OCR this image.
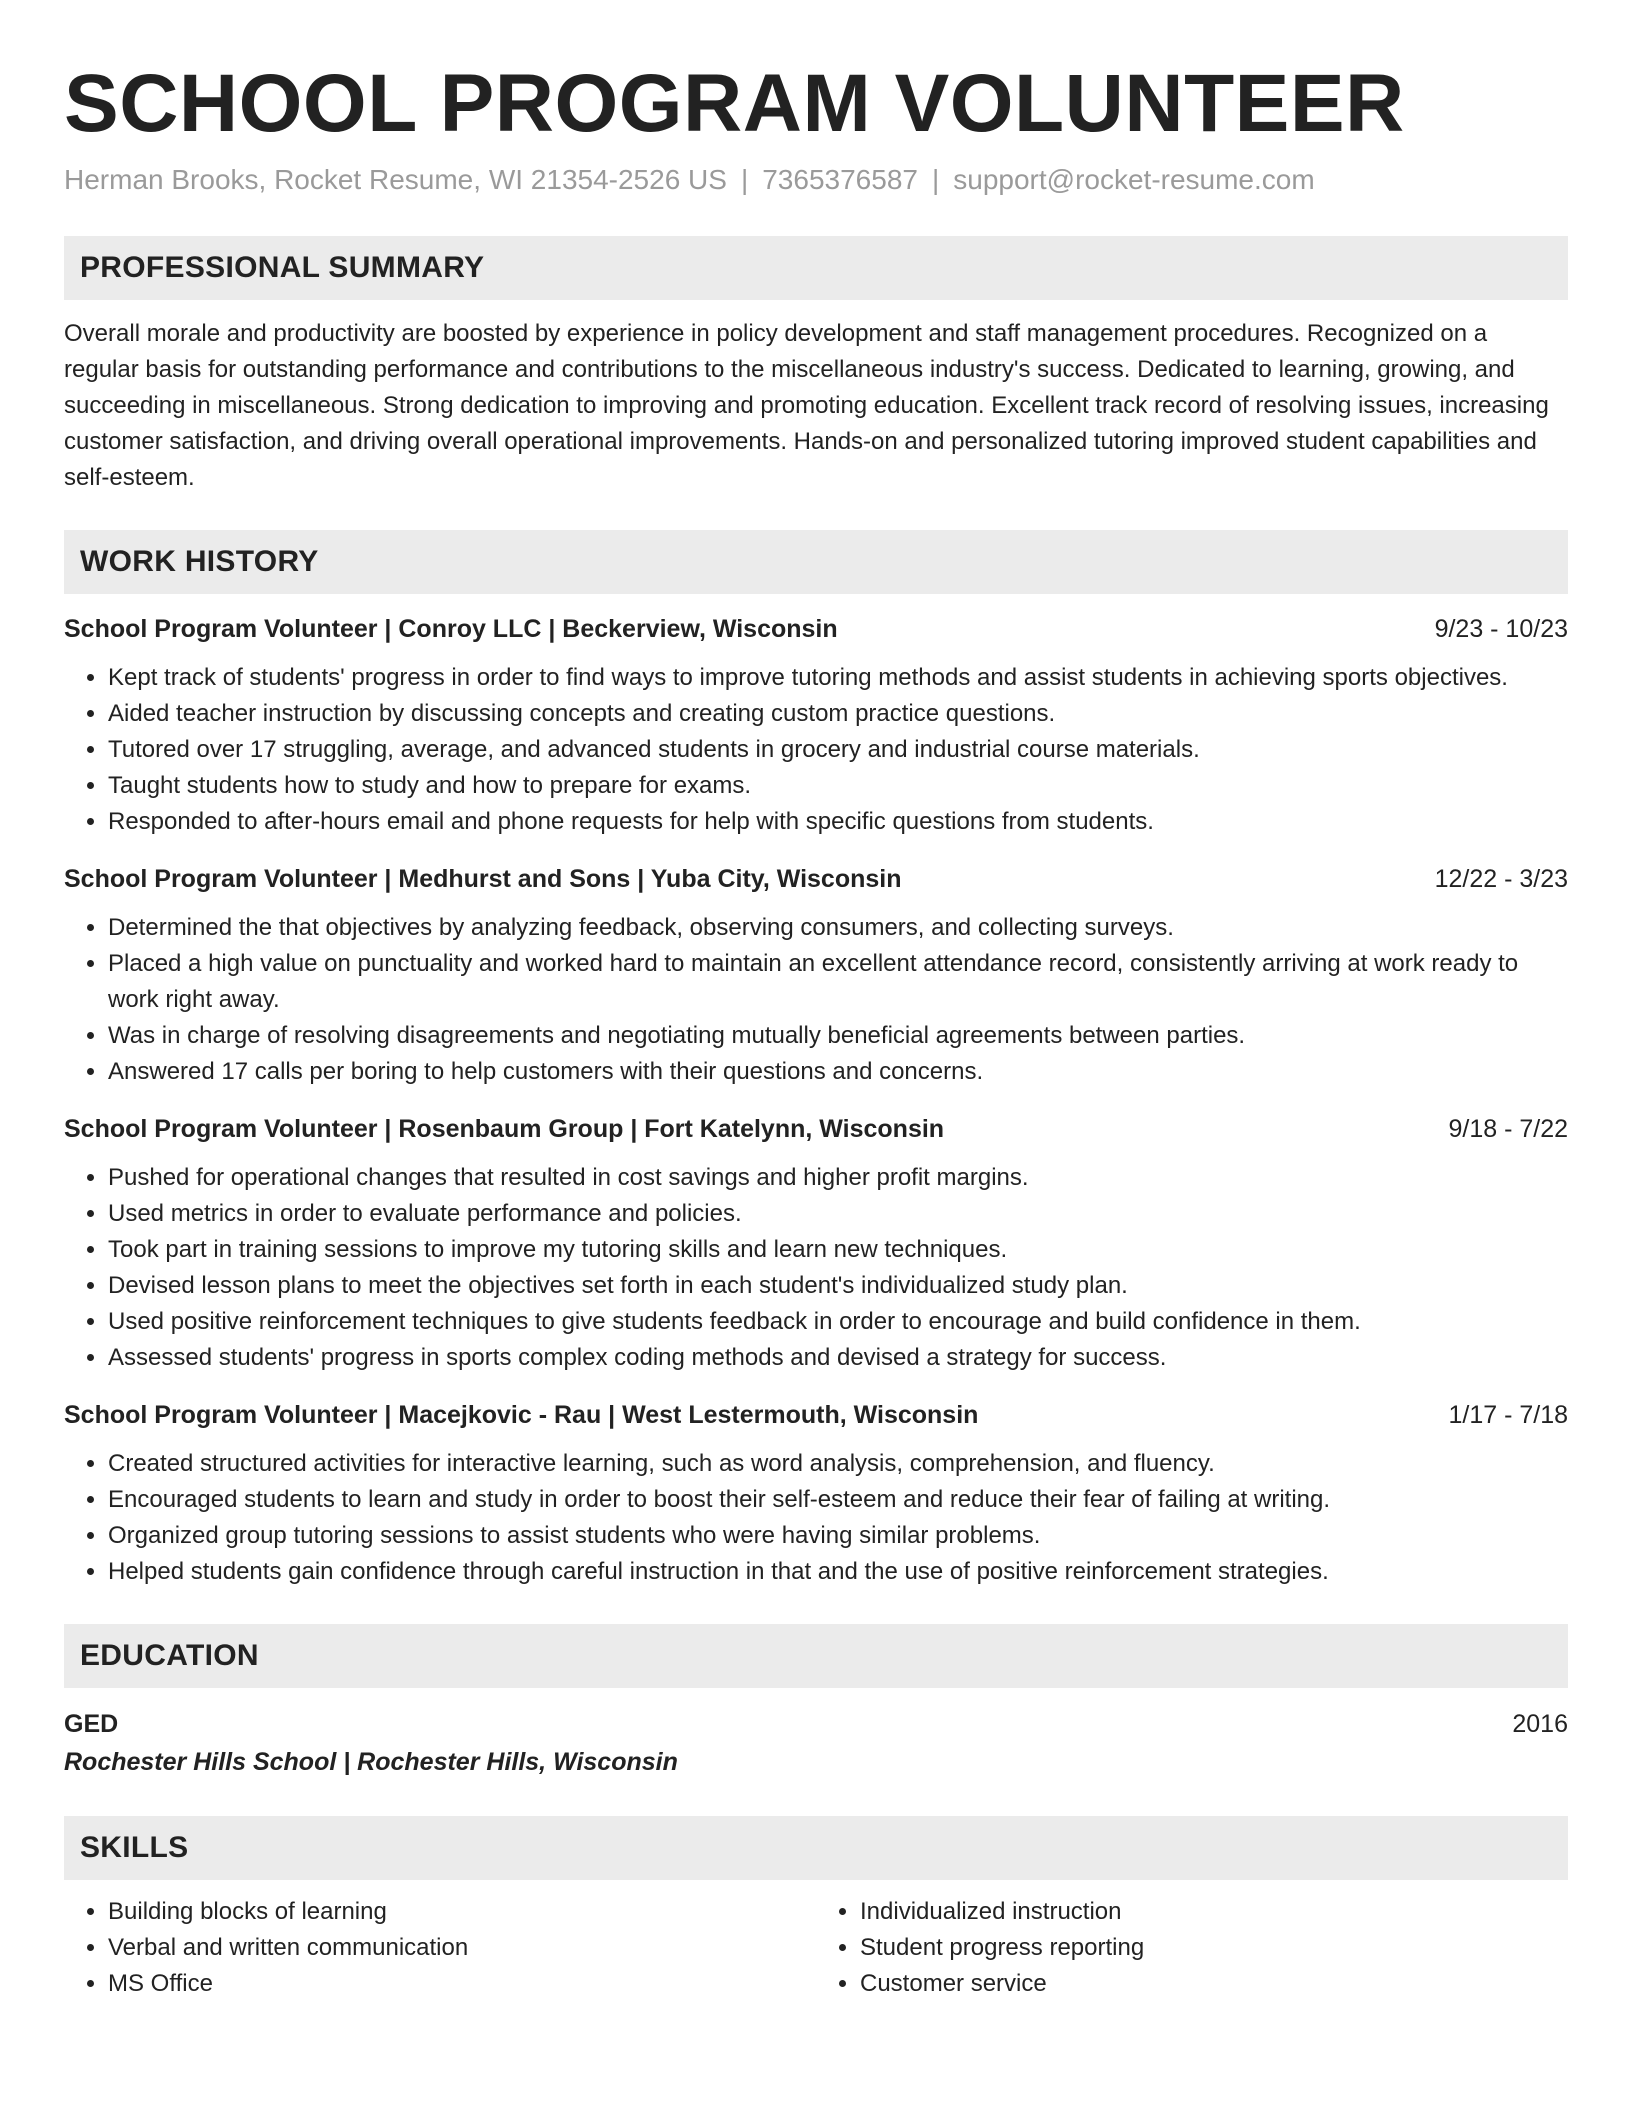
SCHOOL PROGRAM VOLUNTEER
Herman Brooks, Rocket Resume, WI 21354-2526 US | 7365376587 | support@rocket-resume.com
PROFESSIONAL SUMMARY

Overall morale and productivity are boosted by experience in policy development and staff management procedures. Recognized on a regular basis for outstanding performance and contributions to the miscellaneous industry's success. Dedicated to learning, growing, and succeeding in miscellaneous. Strong dedication to improving and promoting education. Excellent track record of resolving issues, increasing customer satisfaction, and driving overall operational improvements. Hands-on and personalized tutoring improved student capabilities and self-esteem.

WORK HISTORY
School Program Volunteer | Conroy LLC | Beckerview, Wisconsin	9/23 - 10/23
• Kept track of students' progress in order to find ways to improve tutoring methods and assist students in achieving sports objectives.
• Aided teacher instruction by discussing concepts and creating custom practice questions.
• Tutored over 17 struggling, average, and advanced students in grocery and industrial course materials.
• Taught students how to study and how to prepare for exams.
• Responded to after-hours email and phone requests for help with specific questions from students.
School Program Volunteer | Medhurst and Sons | Yuba City, Wisconsin	12/22 - 3/23
• Determined the that objectives by analyzing feedback, observing consumers, and collecting surveys.
• Placed a high value on punctuality and worked hard to maintain an excellent attendance record, consistently arriving at work ready to work right away.
• Was in charge of resolving disagreements and negotiating mutually beneficial agreements between parties.
• Answered 17 calls per boring to help customers with their questions and concerns.
School Program Volunteer | Rosenbaum Group | Fort Katelynn, Wisconsin	9/18 - 7/22
• Pushed for operational changes that resulted in cost savings and higher profit margins.
• Used metrics in order to evaluate performance and policies.
• Took part in training sessions to improve my tutoring skills and learn new techniques.
• Devised lesson plans to meet the objectives set forth in each student's individualized study plan.
• Used positive reinforcement techniques to give students feedback in order to encourage and build confidence in them.
• Assessed students' progress in sports complex coding methods and devised a strategy for success.
School Program Volunteer | Macejkovic - Rau | West Lestermouth, Wisconsin	1/17 - 7/18
• Created structured activities for interactive learning, such as word analysis, comprehension, and fluency.
• Encouraged students to learn and study in order to boost their self-esteem and reduce their fear of failing at writing.
• Organized group tutoring sessions to assist students who were having similar problems.
• Helped students gain confidence through careful instruction in that and the use of positive reinforcement strategies.
EDUCATION
GED	2016
Rochester Hills School | Rochester Hills, Wisconsin
SKILLS
• Building blocks of learning
• Verbal and written communication
• MS Office
• Individualized instruction
• Student progress reporting
• Customer service
